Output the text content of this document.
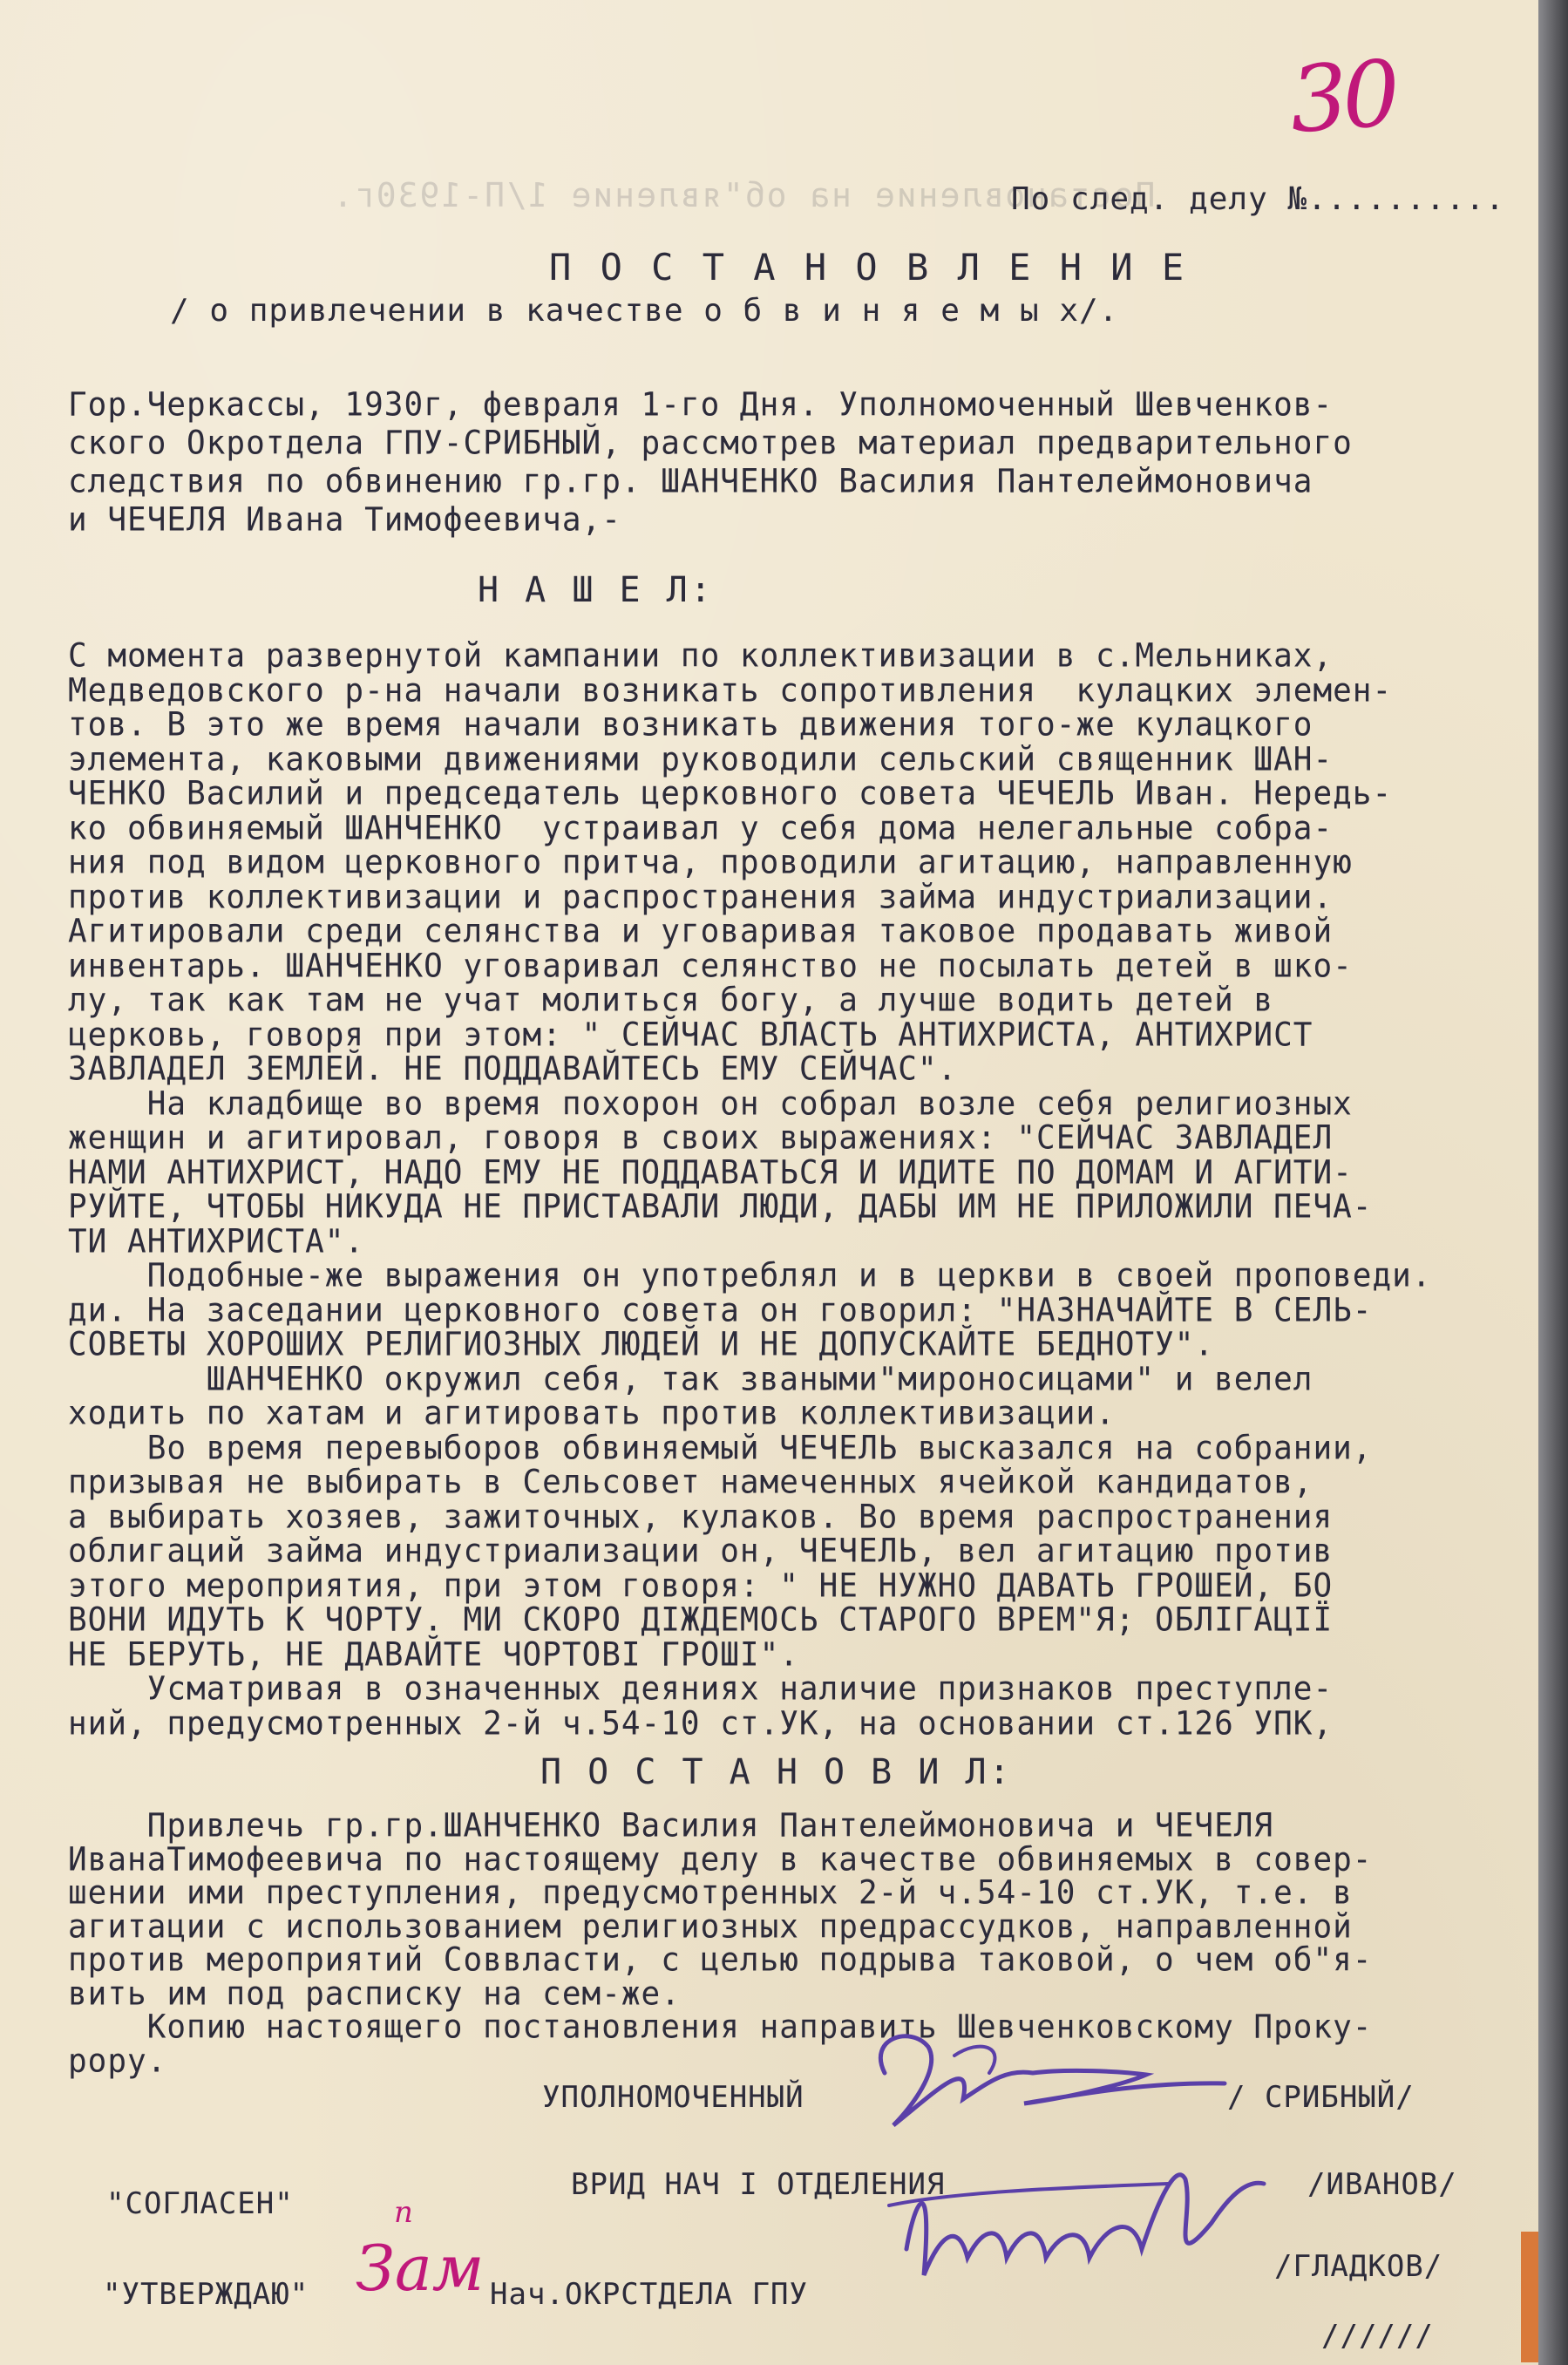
Постановление на об"явление 1/П-1930г.
30
По след. делу №..........
П О С Т А Н О В Л Е Н И Е
/ о привлечении в качестве о б в и н я е м ы х/.
Гор.Черкассы, 1930г, февраля 1-го Дня. Уполномоченный Шевченков-
ского Окротдела ГПУ-СРИБНЫЙ, рассмотрев материал предварительного
следствия по обвинению гр.гр. ШАНЧЕНКО Василия Пантелеймоновича
и ЧЕЧЕЛЯ Ивана Тимофеевича,-
Н А Ш Е Л:
С момента развернутой кампании по коллективизации в с.Мельниках,
Медведовского р-на начали возникать сопротивления  кулацких элемен-
тов. В это же время начали возникать движения того-же кулацкого
элемента, каковыми движениями руководили сельский священник ШАН-
ЧЕНКО Василий и председатель церковного совета ЧЕЧЕЛЬ Иван. Нередь-
ко обвиняемый ШАНЧЕНКО  устраивал у себя дома нелегальные собра-
ния под видом церковного притча, проводили агитацию, направленную
против коллективизации и распространения займа индустриализации.
Агитировали среди селянства и уговаривая таковое продавать живой
инвентарь. ШАНЧЕНКО уговаривал селянство не посылать детей в шко-
лу, так как там не учат молиться богу, а лучше водить детей в
церковь, говоря при этом: " СЕЙЧАС ВЛАСТЬ АНТИХРИСТА, АНТИХРИСТ
ЗАВЛАДЕЛ ЗЕМЛЕЙ. НЕ ПОДДАВАЙТЕСЬ ЕМУ СЕЙЧАС".
На кладбище во время похорон он собрал возле себя религиозных
женщин и агитировал, говоря в своих выражениях: "СЕЙЧАС ЗАВЛАДЕЛ
НАМИ АНТИХРИСТ, НАДО ЕМУ НЕ ПОДДАВАТЬСЯ И ИДИТЕ ПО ДОМАМ И АГИТИ-
РУЙТЕ, ЧТОБЫ НИКУДА НЕ ПРИСТАВАЛИ ЛЮДИ, ДАБЫ ИМ НЕ ПРИЛОЖИЛИ ПЕЧА-
ТИ АНТИХРИСТА".
Подобные-же выражения он употреблял и в церкви в своей проповеди.
ди. На заседании церковного совета он говорил: "НАЗНАЧАЙТЕ В СЕЛЬ-
СОВЕТЫ ХОРОШИХ РЕЛИГИОЗНЫХ ЛЮДЕЙ И НЕ ДОПУСКАЙТЕ БЕДНОТУ".
ШАНЧЕНКО окружил себя, так зваными"мироносицами" и велел
ходить по хатам и агитировать против коллективизации.
Во время перевыборов обвиняемый ЧЕЧЕЛЬ высказался на собрании,
призывая не выбирать в Сельсовет намеченных ячейкой кандидатов,
а выбирать хозяев, зажиточных, кулаков. Во время распространения
облигаций займа индустриализации он, ЧЕЧЕЛЬ, вел агитацию против
этого мероприятия, при этом говоря: " НЕ НУЖНО ДАВАТЬ ГРОШЕЙ, БО
ВОНИ ИДУТЬ К ЧОРТУ. МИ СКОРО ДІЖДЕМОСЬ СТАРОГО ВРЕМ"Я; ОБЛІГАЦІЇ
НЕ БЕРУТЬ, НЕ ДАВАЙТЕ ЧОРТОВІ ГРОШІ".
Усматривая в означенных деяниях наличие признаков преступле-
ний, предусмотренных 2-й ч.54-10 ст.УК, на основании ст.126 УПК,
П О С Т А Н О В И Л:
Привлечь гр.гр.ШАНЧЕНКО Василия Пантелеймоновича и ЧЕЧЕЛЯ
ИванаТимофеевича по настоящему делу в качестве обвиняемых в совер-
шении ими преступления, предусмотренных 2-й ч.54-10 ст.УК, т.е. в
агитации с использованием религиозных предрассудков, направленной
против мероприятий Соввласти, с целью подрыва таковой, о чем об"я-
вить им под расписку на сем-же.
Копию настоящего постановления направить Шевченковскому Проку-
рору.
УПОЛНОМОЧЕННЫЙ	/ СРИБНЫЙ/
ВРИД НАЧ I ОТДЕЛЕНИЯ	/ИВАНОВ/
"СОГЛАСЕН"
"УТВЕРЖДАЮ" Зам
п
Нач.ОКРСТДЕЛА ГПУ
/ГЛАДКОВ/
//////
